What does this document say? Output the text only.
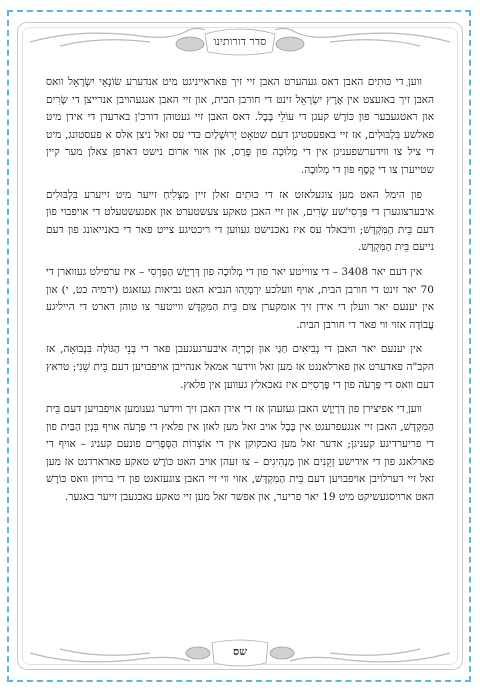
סדר דורותינו

וועןַ די כּוּתִים האבן דאס געהערט האבן זיי זיך פאראייניגט מיט אנדערע שׂוֹנְאֵי יִשְׂרָאֵל וואס האבן זיך באזעצט אין אֶרֶץ יִשְׂרָאֵל זינט די חורבן הבית, און זיי האבן אנגעהויבן אנרייצן די שָׂרִים און ראטגעבער פון כּוֹרֶשׁ קעגן די עוֹלֵי בָּבֶל. דאס האבן זיי געטוהן דורכ'ן בארעדן די אידן מיט פאלשע בִּלְבּוּלִים, אז זיי באפעסטיגן דעם שטאָט יְרוּשָׁלַיִם כּדי עס זאל ניצן אלס א פעסטונג, מיט די ציל צו ווידערשפעניגן אין די מְלוּכָה פון פָּרַס, און אזוי ארום נישט דארפן צאלן מער קיין שטייערן צו די קֶסֶף פון די מְלוּכָה.

פון הימל האט מען צוגעלאזט אז די כּוּתִים זאלן זיין מַצְלִיחַ זייער מיט זייערע בִּלְבּוּלִים איבערצוגערן די פַּרְסִי'שע שָׂרִים, און זיי האבן טאקע צעשטערט און אפגעשטעלט די אויפבוי פון דעם בֵּית הַמִּקְדָּשׁ; וויבאלד עס איז נאכנישט געווען די ריכטיגע צייט פאר די באנייאונג פון דעם נייעם בֵּית הַמִּקְדָּשׁ.

אין דעם יאר 3408 – די צווייטע יאר פון די מְלוּכָה פון דָּרְיָוֶשׁ הַפַּרְסִי – איז ערפילט געווארן די 70 יאר זינט די חורבן הבית, אויף וועלכע יִרְמְיָהוּ הנביא האט נביאות געזאגט (ירמיה כט, י) און אין יענעם יאר וועלן די אידן זיך אומקערן צום בֵּית הַמִּקְדָּשׁ ווייטער צו טוהן דארט די הייליגע עֲבוֹדָה אזוי ווי פאר די חורבן הבית.

אין יענעם יאר האבן די נְבִיאִים חַגַּי און זְכַרְיָה איבערגעגעבן פאר די בְּנֵי הַגּוֹלָה בִּנְבוּאָה, אז הקב"ה פאדערט און פארלאנגט אז מען זאל ווידער אמאל אנהייבן אויפבויען דעם בֵּית שֵׁנִי; טראץ דעם וואס די פַּרְעֹה פון די פֶּרְסִיִּים איז נאכאלץ געווען אין פלאץ.

וועןַ די אפיצירן פון דָּרְיָוֶשׁ האבן געזעהן אז די אידן האבן זיך ווידער גענומען אויפבויען דעם בֵּית הַמִּקְדָּשׁ, האבן זיי אנגעפרעגט אין בָּבֶל אויב זאל מען לאזן אין פלאץ די פַּרְעֹה אויף בִּנְיַן הַבַּיִת פון די פריערדיגע קעניגן; אדער זאל מען נאכקוקן אין די אוֹצְרוֹת הַסְּפָרִים פונעם קעניג – אויף די פארלאנג פון די אידישע זְקֵנִים און מַנְהִיגִים – צו זעהן אויב האט כּוֹרֶשׁ טאקע פארארדנט אז מען זאל זיי דערלויבן אויפבויען דעם בֵּית הַמִּקְדָּשׁ, אזוי ווי זיי האבן צוגעזאגט פון די ברויזן וואס כּוֹרֶשׁ האט ארויסגעשיקט מיט 19 יאר פריער, און אפשר זאל מען זיי טאקע נאכגעבן זייער באגער.

שס
